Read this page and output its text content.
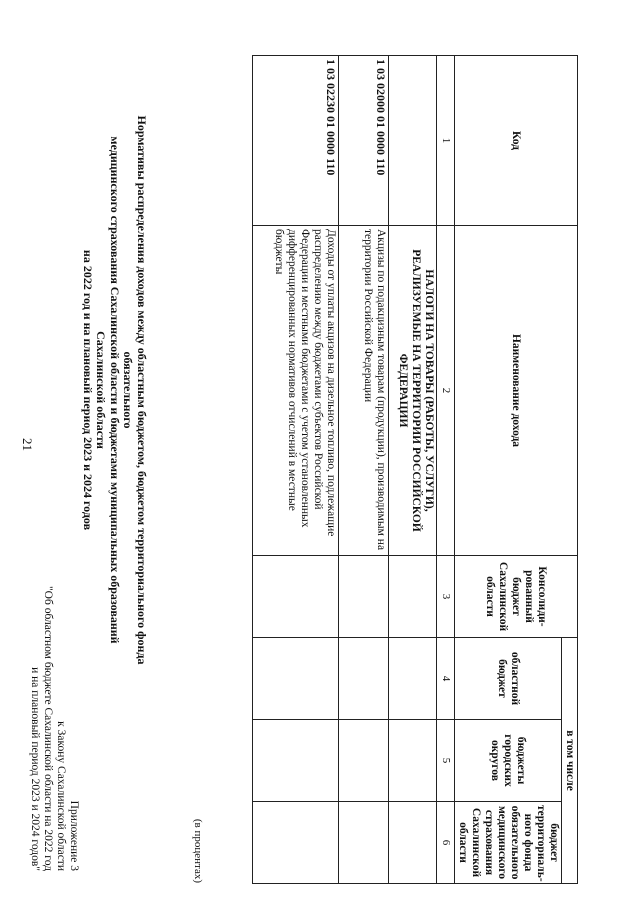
21
Приложение 3
к Закону Сахалинской области
"Об областном бюджете Сахалинской области на 2022 год
и на плановый период 2023 и 2024 годов"
Нормативы распределения доходов между областным бюджетом, бюджетом территориального фонда обязательного
медицинского страхования Сахалинской области и бюджетами муниципальных образований Сахалинской области
на 2022 год и на плановый период 2023 и 2024 годов
(в процентах)
Код	Наименование дохода	Консолиди-рованный бюджет Сахалинской области	в том числе		
			областной бюджет	бюджеты городских округов	бюджет территориаль-ного фонда обязательного медицинского страхования Сахалинской области
1	2	3	4	5	6
	НАЛОГИ НА ТОВАРЫ (РАБОТЫ, УСЛУГИ), РЕАЛИЗУЕМЫЕ НА ТЕРРИТОРИИ РОССИЙСКОЙ ФЕДЕРАЦИИ				
1 03 02000 01 0000 110	Акцизы по подакцизным товарам (продукции), производимым на территории Российской Федерации				
1 03 02230 01 0000 110	Доходы от уплаты акцизов на дизельное топливо, подлежащие распределению между бюджетами субъектов Российской Федерации и местными бюджетами с учетом установленных дифференцированных нормативов отчислений в местные бюджеты				
